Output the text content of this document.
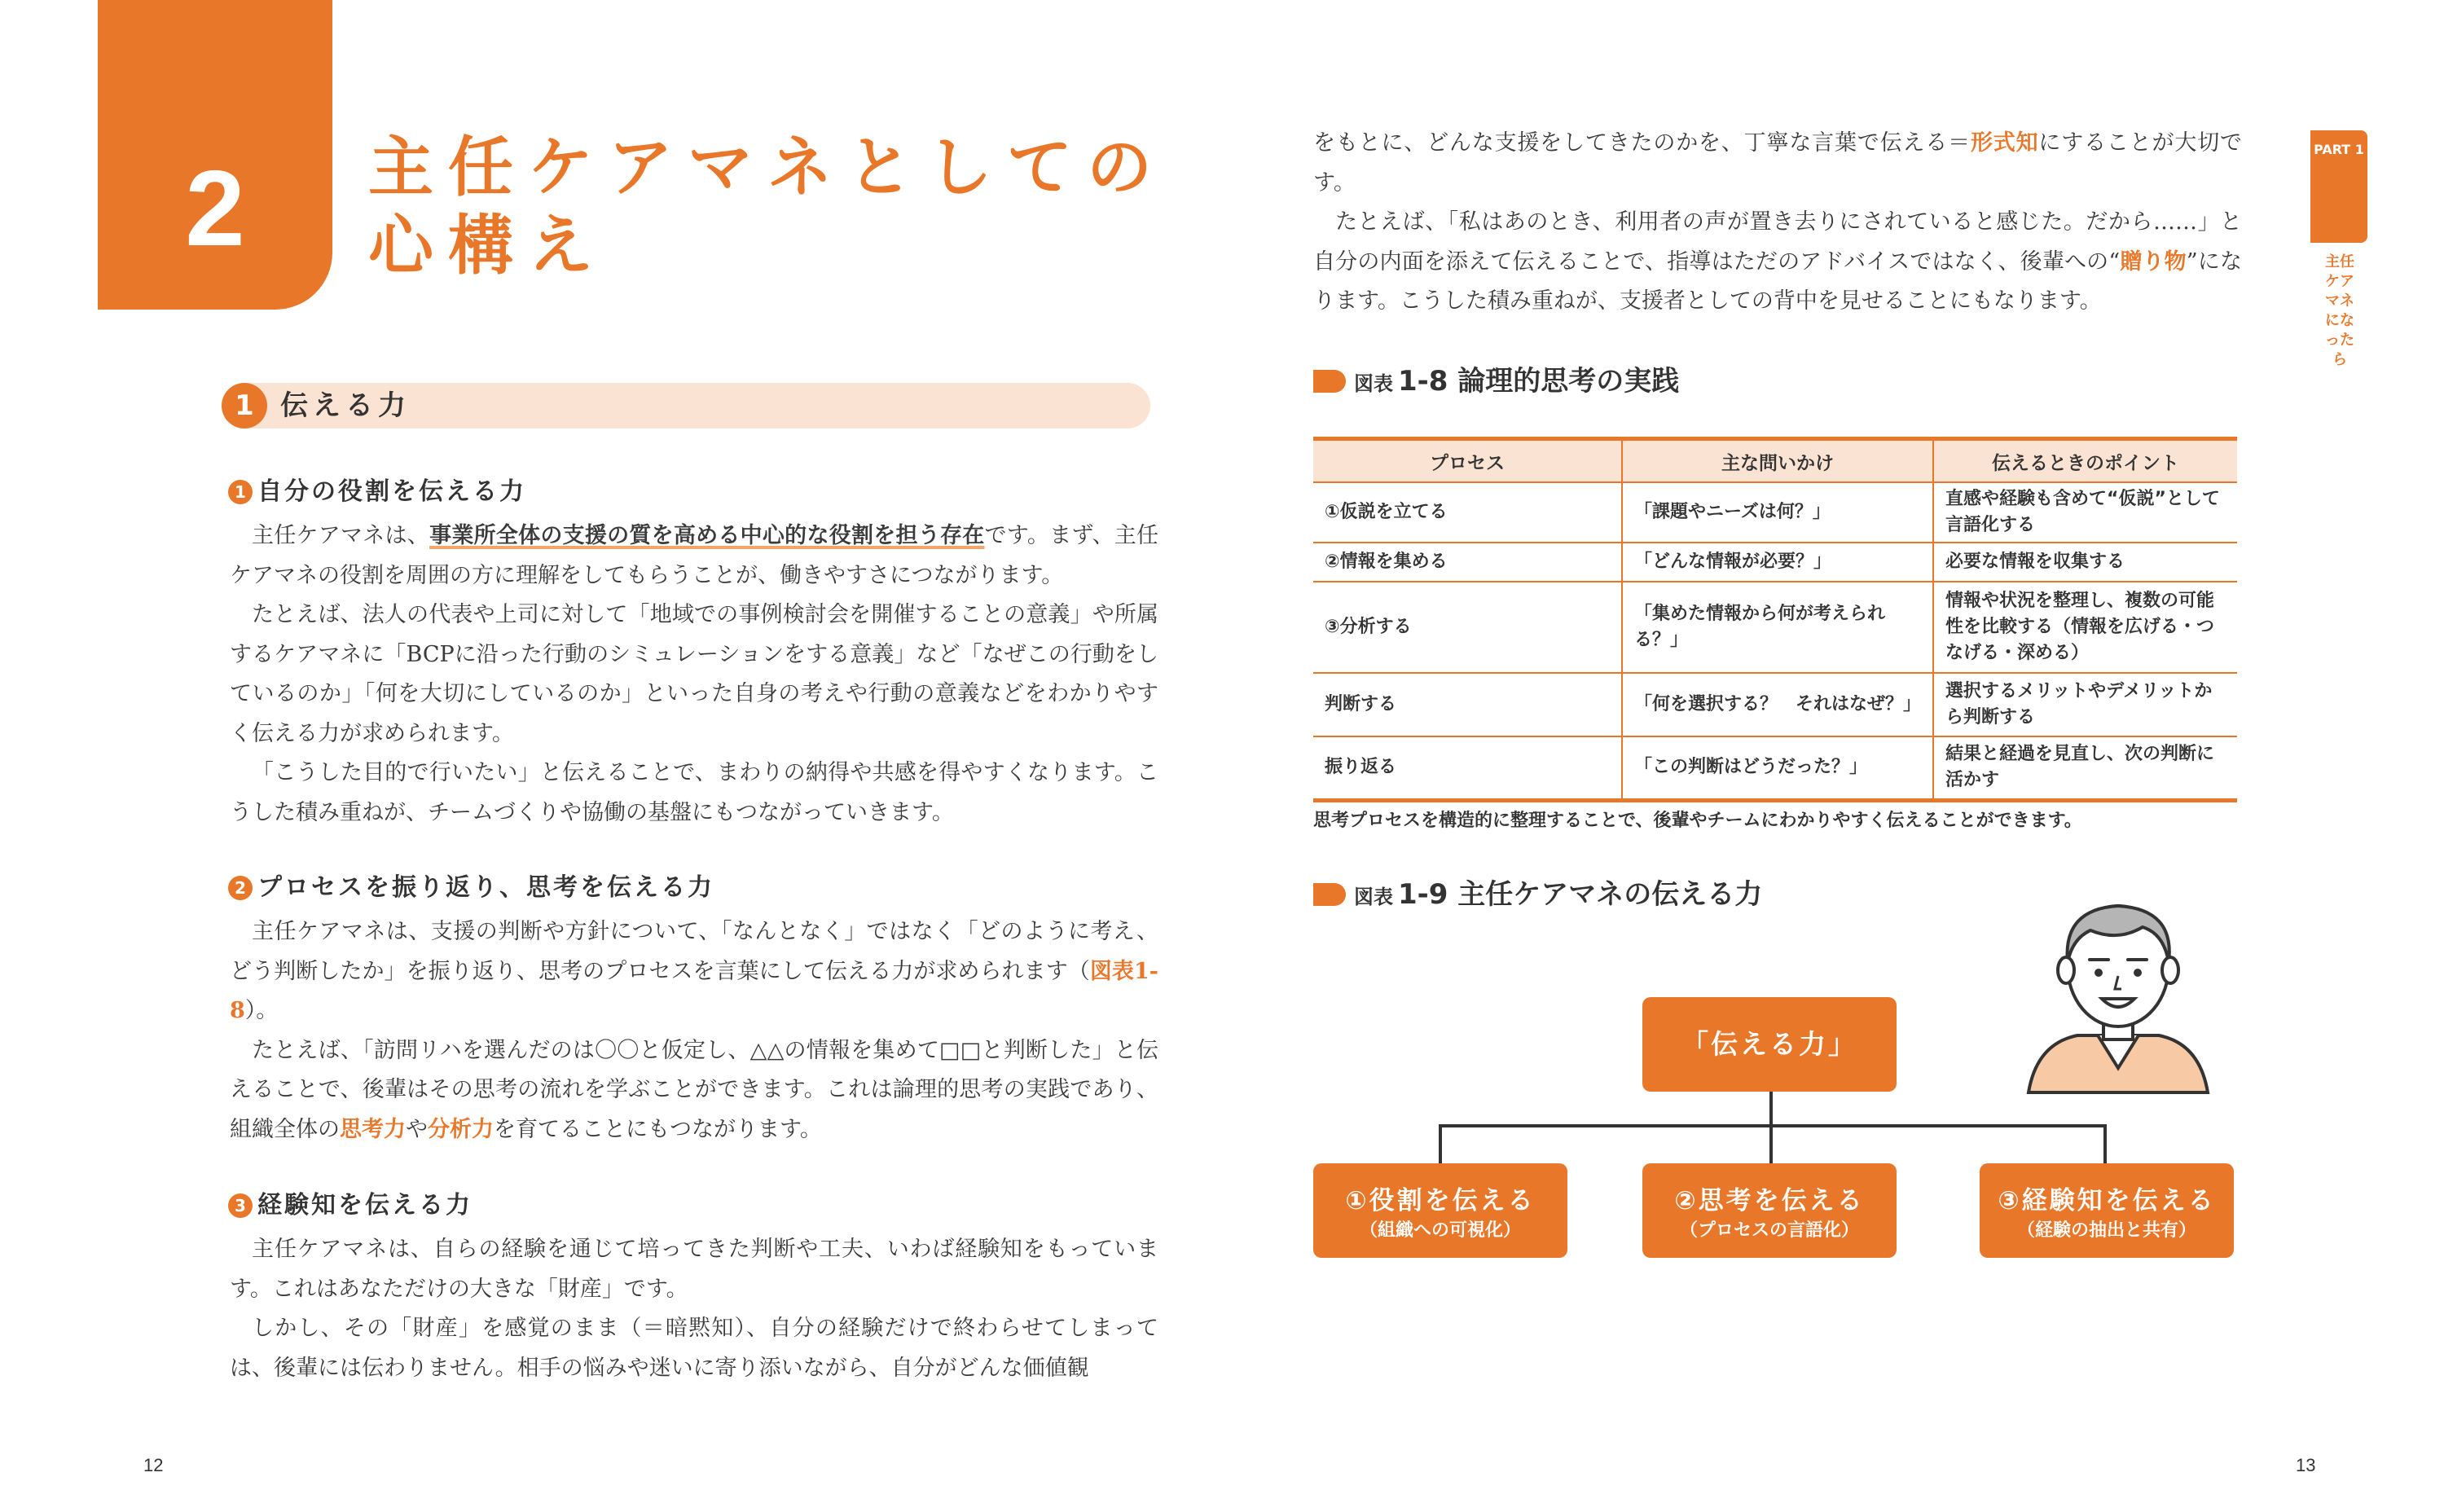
2	主任ケアマネとしての
心構え
1 伝える力
1 自分の役割を伝える力

主任ケアマネは、事業所全体の支援の質を高める中心的な役割を担う存在です。まず、主任ケアマネの役割を周囲の方に理解をしてもらうことが、働きやすさにつながります。

たとえば、法人の代表や上司に対して「地域での事例検討会を開催することの意義」や所属するケアマネに「BCPに沿った行動のシミュレーションをする意義」など「なぜこの行動をしているのか」「何を大切にしているのか」といった自身の考えや行動の意義などをわかりやすく伝える力が求められます。

「こうした目的で行いたい」と伝えることで、まわりの納得や共感を得やすくなります。こうした積み重ねが、チームづくりや協働の基盤にもつながっていきます。

2 プロセスを振り返り、思考を伝える力

主任ケアマネは、支援の判断や方針について、「なんとなく」ではなく「どのように考え、どう判断したか」を振り返り、思考のプロセスを言葉にして伝える力が求められます（図表1-8）。

たとえば、「訪問リハを選んだのは〇〇と仮定し、△△の情報を集めて□□と判断した」と伝えることで、後輩はその思考の流れを学ぶことができます。これは論理的思考の実践であり、組織全体の思考力や分析力を育てることにもつながります。

3 経験知を伝える力

主任ケアマネは、自らの経験を通じて培ってきた判断や工夫、いわば経験知をもっています。これはあなただけの大きな「財産」です。

しかし、その「財産」を感覚のまま（＝暗黙知）、自分の経験だけで終わらせてしまっては、後輩には伝わりません。相手の悩みや迷いに寄り添いながら、自分がどんな価値観

12

をもとに、どんな支援をしてきたのかを、丁寧な言葉で伝える＝形式知にすることが大切です。

たとえば、「私はあのとき、利用者の声が置き去りにされていると感じた。だから……」と自分の内面を添えて伝えることで、指導はただのアドバイスではなく、後輩への“贈り物”になります。こうした積み重ねが、支援者としての背中を見せることにもなります。

PART 1
主任ケアマネになったら
図表 1-8 論理的思考の実践
プロセス	主な問いかけ	伝えるときのポイント
①仮説を立てる	「課題やニーズは何？」	直感や経験も含めて“仮説”として言語化する
②情報を集める	「どんな情報が必要？」	必要な情報を収集する
③分析する	「集めた情報から何が考えられる？」	情報や状況を整理し、複数の可能性を比較する（情報を広げる・つなげる・深める）
判断する	「何を選択する？　それはなぜ？」	選択するメリットやデメリットから判断する
振り返る	「この判断はどうだった？」	結果と経過を見直し、次の判断に活かす
思考プロセスを構造的に整理することで、後輩やチームにわかりやすく伝えることができます。
図表 1-9 主任ケアマネの伝える力
「伝える力」
①役割を伝える
（組織への可視化）
②思考を伝える
（プロセスの言語化）
③経験知を伝える
（経験の抽出と共有）
13
